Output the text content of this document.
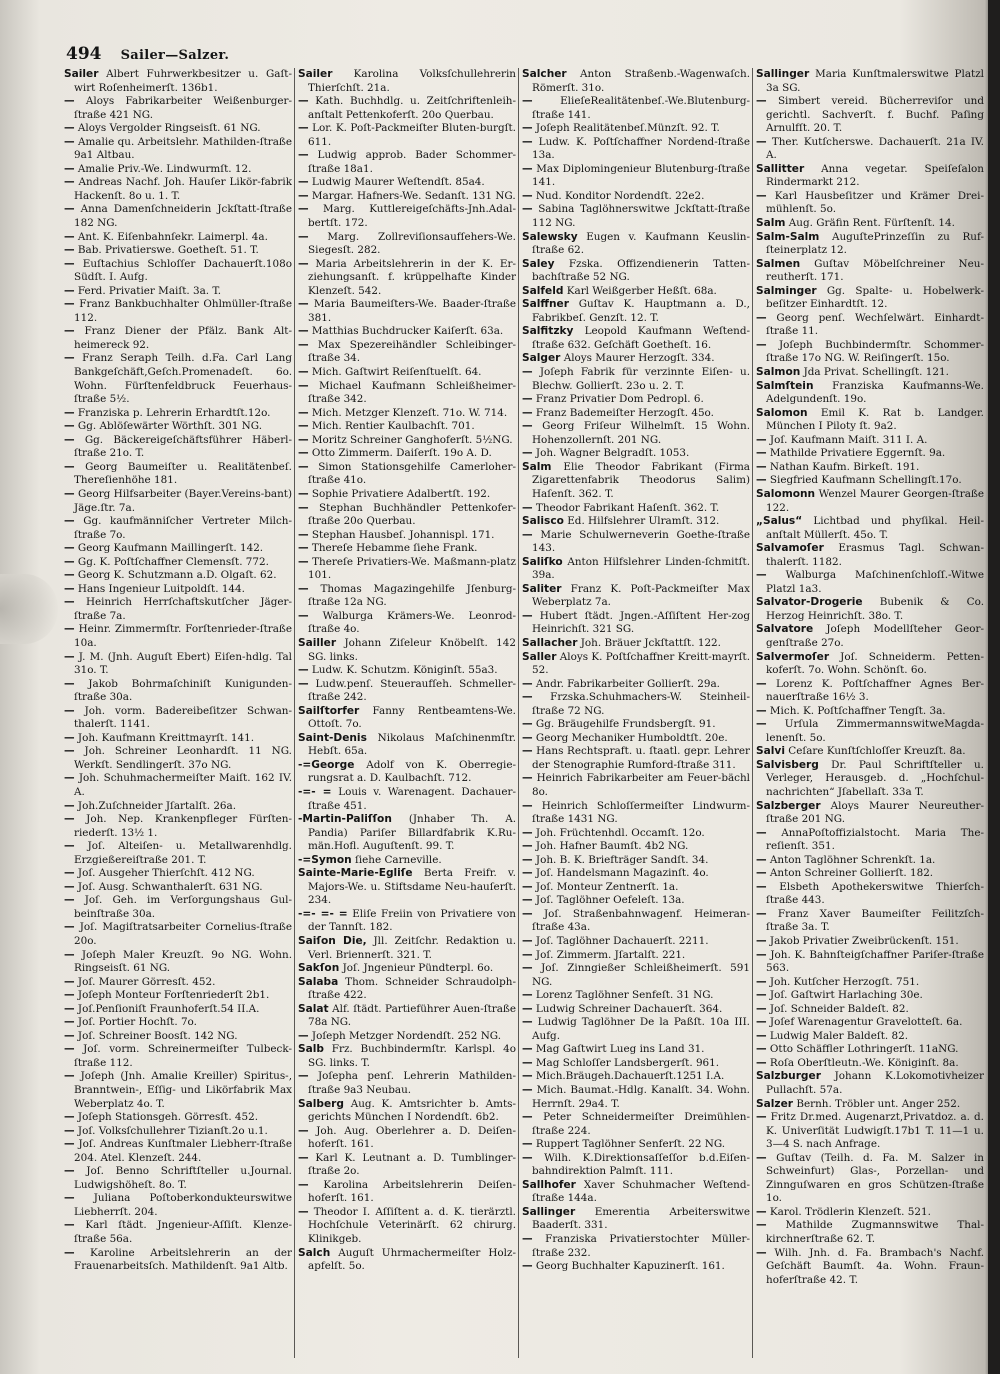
494 Sailer—Salzer.

Sailer Albert Fuhrwerkbesitzer u. Gaſt-wirt Roſenheimerſt. 136b1.

— Aloys Fabrikarbeiter Weißenburger-ſtraße 421 NG.

— Aloys Vergolder Ringseisſt. 61 NG.

— Amalie qu. Arbeitslehr. Mathilden-ſtraße 9a1 Altbau.

— Amalie Priv.-We. Lindwurmſt. 12.

— Andreas Nachf. Joh. Hauſer Likör-fabrik Hackenſt. 8o u. 1. T.

— Anna Damenſchneiderin Jckſtatt-ſtraße 182 NG.

— Ant. K. Eiſenbahnſekr. Laimerpl. 4a.

— Bab. Privatierswe. Goetheſt. 51. T.

— Euſtachius Schloſſer Dachauerſt.108o Südſt. I. Aufg.

— Ferd. Privatier Maiſt. 3a. T.

— Franz Bankbuchhalter Ohlmüller-ſtraße 112.

— Franz Diener der Pfälz. Bank Alt-heimereck 92.

— Franz Seraph Teilh. d.Fa. Carl Lang Bankgeſchäft,Geſch.Promenadeſt. 6o. Wohn. Fürſtenfeldbruck Feuerhaus-ſtraße 5½.

— Franziska p. Lehrerin Erhardtſt.12o.

— Gg. Ablöſewärter Wörthſt. 301 NG.

— Gg. Bäckereigeſchäftsführer Häberl-ſtraße 21o. T.

— Georg Baumeiſter u. Realitätenbeſ. Thereſienhöhe 181.

— Georg Hilfsarbeiter (Bayer.Vereins-bant) Jäge.ſtr. 7a.

— Gg. kaufmänniſcher Vertreter Milch-ſtraße 7o.

— Georg Kaufmann Maillingerſt. 142.

— Gg. K. Poſtſchaffner Clemensſt. 772.

— Georg K. Schutzmann a.D. Olgaſt. 62.

— Hans Ingenieur Luitpoldſt. 144.

— Heinrich Herrſchaftskutſcher Jäger-ſtraße 7a.

— Heinr. Zimmermſtr. Forſtenrieder-ſtraße 10a.

— J. M. (Jnh. Auguſt Ebert) Eiſen-hdlg. Tal 31o. T.

— Jakob Bohrmaſchiniſt Kunigunden-ſtraße 30a.

— Joh. vorm. Badereibeſitzer Schwan-thalerſt. 1141.

— Joh. Kaufmann Kreittmayrſt. 141.

— Joh. Schreiner Leonhardſt. 11 NG. Werkſt. Sendlingerſt. 37o NG.

— Joh. Schuhmachermeiſter Maiſt. 162 IV. A.

— Joh.Zuſchneider Jſartalſt. 26a.

— Joh. Nep. Krankenpfleger Fürſten-riederſt. 13½ 1.

— Joſ. Alteiſen- u. Metallwarenhdlg. Erzgießereiſtraße 201. T.

— Joſ. Ausgeher Thierſchſt. 412 NG.

— Joſ. Ausg. Schwanthalerſt. 631 NG.

— Joſ. Geh. im Verſorgungshaus Gul-beinſtraße 30a.

— Joſ. Magiſtratsarbeiter Cornelius-ſtraße 20o.

— Joſeph Maler Kreuzſt. 9o NG. Wohn. Ringseisſt. 61 NG.

— Joſ. Maurer Görresſt. 452.

— Joſeph Monteur Forſtenriederſt 2b1.

— Joſ.Penſioniſt Fraunhoferſt.54 II.A.

— Joſ. Portier Hochſt. 7o.

— Joſ. Schreiner Boosſt. 142 NG.

— Joſ. vorm. Schreinermeiſter Tulbeck-ſtraße 112.

— Joſeph (Jnh. Amalie Kreiller) Spiritus-, Branntwein-, Eſſig- und Likörfabrik Max Weberplatz 4o. T.

— Joſeph Stationsgeh. Görresſt. 452.

— Joſ. Volksſchullehrer Tizianſt.2o u.1.

— Joſ. Andreas Kunſtmaler Liebherr-ſtraße 204. Atel. Klenzeſt. 244.

— Joſ. Benno Schriftſteller u.Journal. Ludwigshöheſt. 8o. T.

— Juliana Poſtoberkondukteurswitwe Liebherrſt. 204.

— Karl ſtädt. Jngenieur-Aſſiſt. Klenze-ſtraße 56a.

— Karoline Arbeitslehrerin an der Frauenarbeitsſch. Mathildenſt. 9a1 Altb.

Sailer Karolina Volksſchullehrerin Thierſchſt. 21a.

— Kath. Buchhdlg. u. Zeitſchriftenleih-anſtalt Pettenkoferſt. 20o Querbau.

— Lor. K. Poſt-Packmeiſter Bluten-burgſt. 611.

— Ludwig approb. Bader Schommer-ſtraße 18a1.

— Ludwig Maurer Weſtendſt. 85a4.

— Margar. Hafners-We. Sedanſt. 131 NG.

— Marg. Kuttlereigeſchäfts-Jnh.Adal-bertſt. 172.

— Marg. Zollreviſionsaufſehers-We. Siegesſt. 282.

— Maria Arbeitslehrerin in der K. Er-ziehungsanſt. f. krüppelhafte Kinder Klenzeſt. 542.

— Maria Baumeiſters-We. Baader-ſtraße 381.

— Matthias Buchdrucker Kaiſerſt. 63a.

— Max Spezereihändler Schleibinger-ſtraße 34.

— Mich. Gaſtwirt Reiſenſtuelſt. 64.

— Michael Kaufmann Schleißheimer-ſtraße 342.

— Mich. Metzger Klenzeſt. 71o. W. 714.

— Mich. Rentier Kaulbachſt. 701.

— Moritz Schreiner Ganghoferſt. 5½NG.

— Otto Zimmerm. Daiſerſt. 19o A. D.

— Simon Stationsgehilfe Camerloher-ſtraße 41o.

— Sophie Privatiere Adalbertſt. 192.

— Stephan Buchhändler Pettenkofer-ſtraße 20o Querbau.

— Stephan Hausbeſ. Johannispl. 171.

— Thereſe Hebamme ſiehe Frank.

— Thereſe Privatiers-We. Maßmann-platz 101.

— Thomas Magazingehilfe Jſenburg-ſtraße 12a NG.

— Walburga Krämers-We. Leonrod-ſtraße 4o.

Sailler Johann Ziſeleur Knöbelſt. 142 SG. links.

— Ludw. K. Schutzm. Königinſt. 55a3.

— Ludw.penſ. Steueraufſeh. Schmeller-ſtraße 242.

Sailſtorfer Fanny Rentbeamtens-We. Ottoſt. 7o.

Saint-Denis Nikolaus Maſchinenmſtr. Hebſt. 65a.

-=George Adolf von K. Oberregie-rungsrat a. D. Kaulbachſt. 712.

-=- = Louis v. Warenagent. Dachauer-ſtraße 451.

-Martin-Paliſſon (Jnhaber Th. A. Pandia) Pariſer Billardfabrik K.Ru-män.Hofl. Auguſtenſt. 99. T.

-=Symon ſiehe Carneville.

Sainte-Marie-Egliſe Berta Freifr. v. Majors-We. u. Stiftsdame Neu-hauſerſt. 234.

-=- =- = Eliſe Freiin von Privatiere von der Tannſt. 182.

Saiſon Die, Jll. Zeitſchr. Redaktion u. Verl. Briennerſt. 321. T.

Sakſon Joſ. Jngenieur Pündterpl. 6o.

Salaba Thom. Schneider Schraudolph-ſtraße 422.

Salat Alf. ſtädt. Partieführer Auen-ſtraße 78a NG.

— Joſeph Metzger Nordendſt. 252 NG.

Salb Frz. Buchbindermſtr. Karlspl. 4o SG. links. T.

— Joſepha penſ. Lehrerin Mathilden-ſtraße 9a3 Neubau.

Salberg Aug. K. Amtsrichter b. Amts-gerichts München I Nordendſt. 6b2.

— Joh. Aug. Oberlehrer a. D. Deiſen-hoferſt. 161.

— Karl K. Leutnant a. D. Tumblinger-ſtraße 2o.

— Karolina Arbeitslehrerin Deiſen-hoferſt. 161.

— Theodor I. Aſſiſtent a. d. K. tierärztl. Hochſchule Veterinärſt. 62 chirurg. Klinikgeb.

Salch Auguſt Uhrmachermeiſter Holz-apfelſt. 5o.

Salcher Anton Straßenb.-Wagenwaſch. Römerſt. 31o.

—	ElieſeRealitätenbeſ.-We.Blutenburg-ſtraße 141.

— Joſeph Realitätenbeſ.Münzſt. 92. T.

— Ludw. K. Poſtſchaffner Nordend-ſtraße 13a.

— Max Diplomingenieur Blutenburg-ſtraße 141.

— Nud. Konditor Nordendſt. 22e2.

— Sabina Taglöhnerswitwe Jckſtatt-ſtraße 112 NG.

Salewsky Eugen v. Kaufmann Keuslin-ſtraße 62.

Saley Fzska. Offizendienerin Tatten-bachſtraße 52 NG.

Salfeld Karl Weißgerber Heßſt. 68a.

Salffner Guſtav K. Hauptmann a. D., Fabrikbeſ. Genzſt. 12. T.

Salfitzky Leopold Kaufmann Weſtend-ſtraße 632. Geſchäft Goetheſt. 16.

Salger Aloys Maurer Herzogſt. 334.

— Joſeph Fabrik für verzinnte Eiſen- u. Blechw. Gollierſt. 23o u. 2. T.

— Franz Privatier Dom Pedropl. 6.

— Franz Bademeiſter Herzogſt. 45o.

— Georg Friſeur Wilhelmſt. 15 Wohn. Hohenzollernſt. 201 NG.

— Joh. Wagner Belgradſt. 1053.

Salm Elie Theodor Fabrikant (Firma Zigarettenfabrik Theodorus Salim) Haſenſt. 362. T.

— Theodor Fabrikant Haſenſt. 362. T.

Salisco Ed. Hilfslehrer Ulramſt. 312.

— Marie Schulwerneverin Goethe-ſtraße 143.

Saliſko Anton Hilfslehrer Linden-ſchmitſt. 39a.

Saliter Franz K. Poſt-Packmeiſter Max Weberplatz 7a.

— Hubert ſtädt. Jngen.-Aſſiſtent Her-zog Heinrichſt. 321 SG.

Sallacher Joh. Bräuer Jckſtattſt. 122.

Saller Aloys K. Poſtſchaffner Kreitt-mayrſt. 52.

— Andr. Fabrikarbeiter Gollierſt. 29a.

— Frzska.Schuhmachers-W. Steinheil-ſtraße 72 NG.

— Gg. Bräugehilfe Frundsbergſt. 91.

— Georg Mechaniker Humboldtſt. 20e.

— Hans Rechtspraft. u. ſtaatl. gepr. Lehrer der Stenographie Rumford-ſtraße 311.

— Heinrich Fabrikarbeiter am Feuer-bächl 8o.

— Heinrich Schloſſermeiſter Lindwurm-ſtraße 1431 NG.

— Joh. Früchtenhdl. Occamſt. 12o.

— Joh. Hafner Baumſt. 4b2 NG.

— Joh. B. K. Briefträger Sandſt. 34.

— Joſ. Handelsmann Magazinſt. 4o.

— Joſ. Monteur Zentnerſt. 1a.

— Joſ. Taglöhner Oefeleſt. 13a.

— Joſ. Straßenbahnwagenf. Heimeran-ſtraße 43a.

— Joſ. Taglöhner Dachauerſt. 2211.

— Joſ. Zimmerm. Jſartalſt. 221.

— Joſ. Zinngießer Schleißheimerſt. 591 NG.

— Lorenz Taglöhner Senfeſt. 31 NG.

— Ludwig Schreiner Dachauerſt. 364.

— Ludwig Taglöhner De la Paßſt. 10a III. Aufg.

— Mag Gaſtwirt Lueg ins Land 31.

— Mag Schloſſer Landsbergerſt. 961.

— Mich.Bräugeh.Dachauerſt.1251 I.A.

— Mich. Baumat.-Hdlg. Kanalſt. 34. Wohn. Herrnſt. 29a4. T.

— Peter Schneidermeiſter Dreimühlen-ſtraße 224.

— Ruppert Taglöhner Senferſt. 22 NG.

— Wilh. K.Direktionsaſſeſſor b.d.Eiſen-bahndirektion Palmſt. 111.

Sallhofer Xaver Schuhmacher Weſtend-ſtraße 144a.

Sallinger Emerentia Arbeiterswitwe Baaderſt. 331.

— Franziska Privatierstochter Müller-ſtraße 232.

— Georg Buchhalter Kapuzinerſt. 161.

Sallinger Maria Kunſtmalerswitwe Platzl 3a SG.

— Simbert vereid. Bücherreviſor und gerichtl. Sachverſt. f. Buchf. Paſing Arnulfſt. 20. T.

— Ther. Kutſcherswe. Dachauerſt. 21a IV. A.

Sallitter Anna vegetar. Speiſeſalon Rindermarkt 212.

— Karl Hausbeſitzer und Krämer Drei-mühlenſt. 5o.

Salm Aug. Gräfin Rent. Fürſtenſt. 14.

Salm-Salm AuguſtePrinzeſſin zu Ruf-ſteinerplatz 12.

Salmen Guſtav Möbelſchreiner Neu-reutherſt. 171.

Salminger Gg. Spalte- u. Hobelwerk-beſitzer Einhardtſt. 12.

— Georg penſ. Wechſelwärt. Einhardt-ſtraße 11.

— Joſeph Buchbindermſtr. Schommer-ſtraße 17o NG. W. Reiſingerſt. 15o.

Salmon Jda Privat. Schellingſt. 121.

Salmſtein Franziska Kaufmanns-We. Adelgundenſt. 19o.

Salomon Emil K. Rat b. Landger. München I Piloty ſt. 9a2.

— Joſ. Kaufmann Maiſt. 311 I. A.

— Mathilde Privatiere Eggernſt. 9a.

— Nathan Kaufm. Birkeſt. 191.

— Siegfried Kaufmann Schellingſt.17o.

Salomonn Wenzel Maurer Georgen-ſtraße 122.

„Salus“ Lichtbad und phyſikal. Heil-anſtalt Müllerſt. 45o. T.

Salvamoſer Erasmus Tagl. Schwan-thalerſt. 1182.

— Walburga Maſchinenſchloſſ.-Witwe Platzl 1a3.

Salvator-Drogerie Bubenik & Co. Herzog Heinrichſt. 38o. T.

Salvatore Joſeph Modellſteher Geor-genſtraße 27o.

Salvermoſer Joſ. Schneiderm. Petten-koferſt. 7o. Wohn. Schönſt. 6o.

— Lorenz K. Poſtſchaffner Agnes Ber-nauerſtraße 16½ 3.

— Mich. K. Poſtſchaffner Tengſt. 3a.

— Urſula ZimmermannswitweMagda-lenenſt. 5o.

Salvi Ceſare Kunſtſchloſſer Kreuzſt. 8a.

Salvisberg Dr. Paul Schriftſteller u. Verleger, Herausgeb. d. „Hochſchul-nachrichten“ Jſabellaſt. 33a T.

Salzberger Aloys Maurer Neureuther-ſtraße 201 NG.

— AnnaPoſtoffizialstocht. Maria The-reſienſt. 351.

— Anton Taglöhner Schrenkſt. 1a.

— Anton Schreiner Gollierſt. 182.

— Elsbeth Apothekerswitwe Thierſch-ſtraße 443.

— Franz Xaver Baumeiſter Feilitzſch-ſtraße 3a. T.

— Jakob Privatier Zweibrückenſt. 151.

— Joh. K. Bahnſteigſchaffner Pariſer-ſtraße 563.

— Joh. Kutſcher Herzogſt. 751.

— Joſ. Gaſtwirt Harlaching 30e.

— Joſ. Schneider Baldeſt. 82.

— Joſef Warenagentur Gravelotteſt. 6a.

— Ludwig Maler Baldeſt. 82.

— Otto Schäffler Lothringerſt. 11aNG.

— Roſa Oberſtleutn.-We. Königinſt. 8a.

Salzburger Johann K.Lokomotivheizer Pullachſt. 57a.

Salzer Bernh. Tröbler unt. Anger 252.

— Fritz Dr.med. Augenarzt,Privatdoz. a. d. K. Univerſität Ludwigſt.17b1 T. 11—1 u. 3—4 S. nach Anfrage.

— Guſtav (Teilh. d. Fa. M. Salzer in Schweinfurt) Glas-, Porzellan- und Zinnguſwaren en gros Schützen-ſtraße 1o.

— Karol. Trödlerin Klenzeſt. 521.

— Mathilde Zugmannswitwe Thal-kirchnerſtraße 62. T.

— Wilh. Jnh. d. Fa. Brambach's Nachf. Geſchäft Baumſt. 4a. Wohn. Fraun-hoferſtraße 42. T.
